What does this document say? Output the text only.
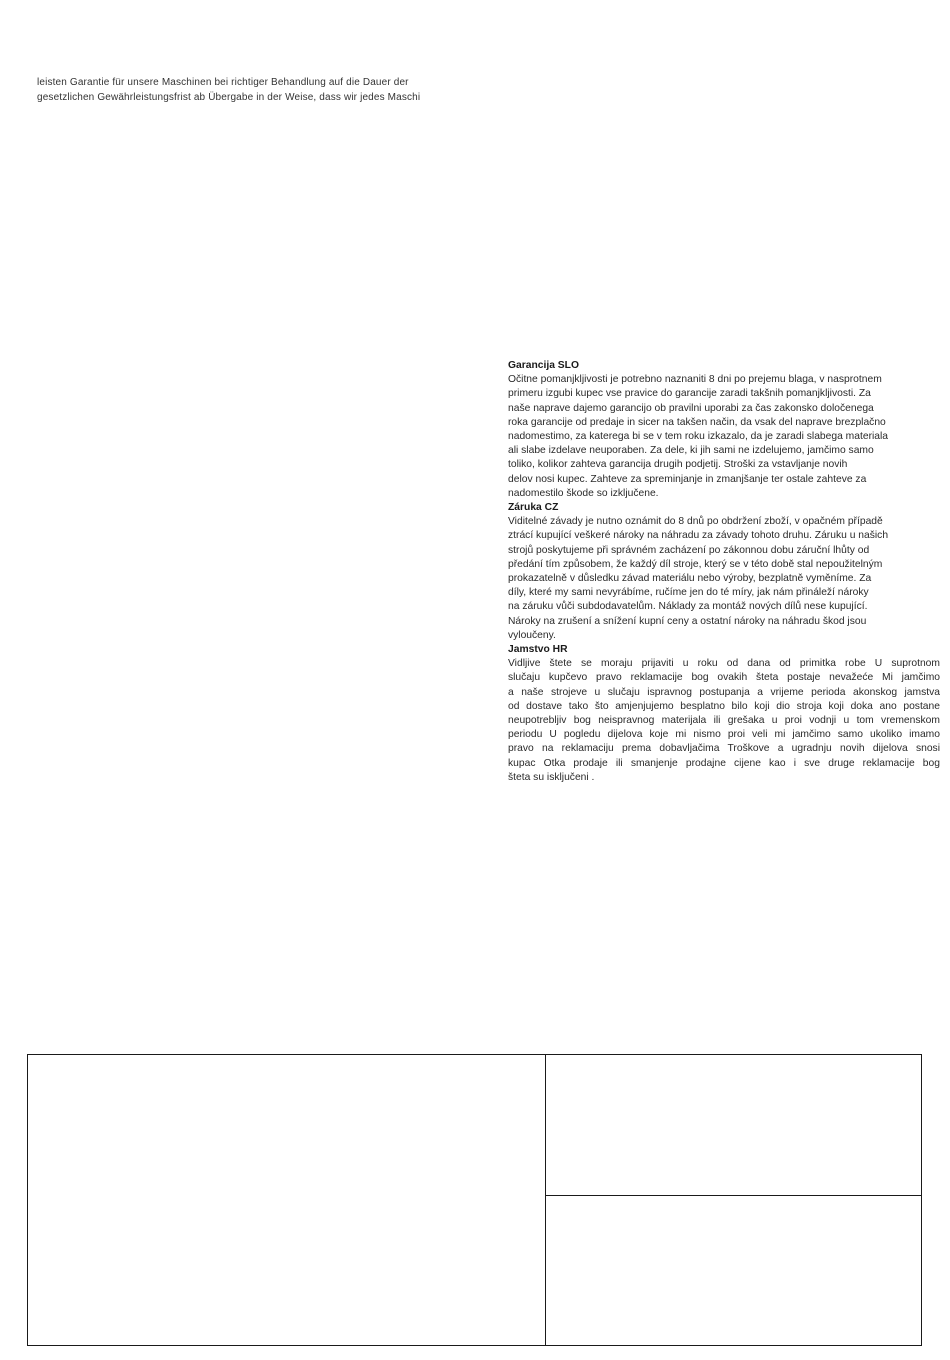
leisten Garantie für unsere Maschinen bei richtiger Behandlung auf die Dauer der
gesetzlichen Gewährleistungsfrist ab Übergabe in der Weise, dass wir jedes Maschi
Garancija SLO
Očitne pomanjkljivosti je potrebno naznaniti 8 dni po prejemu blaga, v nasprotnem
primeru izgubi kupec vse pravice do garancije zaradi takšnih pomanjkljivosti. Za
naše naprave dajemo garancijo ob pravilni uporabi za čas zakonsko določenega
roka garancije od predaje in sicer na takšen način, da vsak del naprave brezplačno
nadomestimo, za katerega bi se v tem roku izkazalo, da je zaradi slabega materiala
ali slabe izdelave neuporaben. Za dele, ki jih sami ne izdelujemo, jamčimo samo
toliko, kolikor zahteva garancija drugih podjetij. Stroški za vstavljanje novih
delov nosi kupec. Zahteve za spreminjanje in zmanjšanje ter ostale zahteve za
nadomestilo škode so izključene.
Záruka CZ
Viditelné závady je nutno oznámit do 8 dnů po obdržení zboží, v opačném případě
ztrácí kupující veškeré nároky na náhradu za závady tohoto druhu. Záruku u našich
strojů poskytujeme při správném zacházení po zákonnou dobu záruční lhůty od
předání tím způsobem, že každý díl stroje, který se v této době stal nepoužitelným
prokazatelně v důsledku závad materiálu nebo výroby, bezplatně vyměníme. Za
díly, které my sami nevyrábíme, ručíme jen do té míry, jak nám přináleží nároky
na záruku vůči subdodavatelům. Náklady za montáž nových dílů nese kupující.
Nároky na zrušení a snížení kupní ceny a ostatní nároky na náhradu škod jsou
vyloučeny.
Jamstvo HR
Vidljive štete se moraju prijaviti u roku od dana od primitka robe U suprotnom
slučaju kupčevo pravo reklamacije bog ovakih šteta postaje nevažeće Mi jamčimo
a naše strojeve u slučaju ispravnog postupanja a vrijeme perioda akonskog jamstva
od dostave tako što amjenjujemo besplatno bilo koji dio stroja koji doka ano postane
neupotrebljiv bog neispravnog materijala ili grešaka u proi vodnji u tom vremenskom
periodu U pogledu dijelova koje mi nismo proi veli mi jamčimo samo ukoliko imamo
pravo na reklamaciju prema dobavljačima Troškove a ugradnju novih dijelova snosi
kupac Otka prodaje ili smanjenje prodajne cijene kao i sve druge reklamacije bog
šteta su isključeni .
